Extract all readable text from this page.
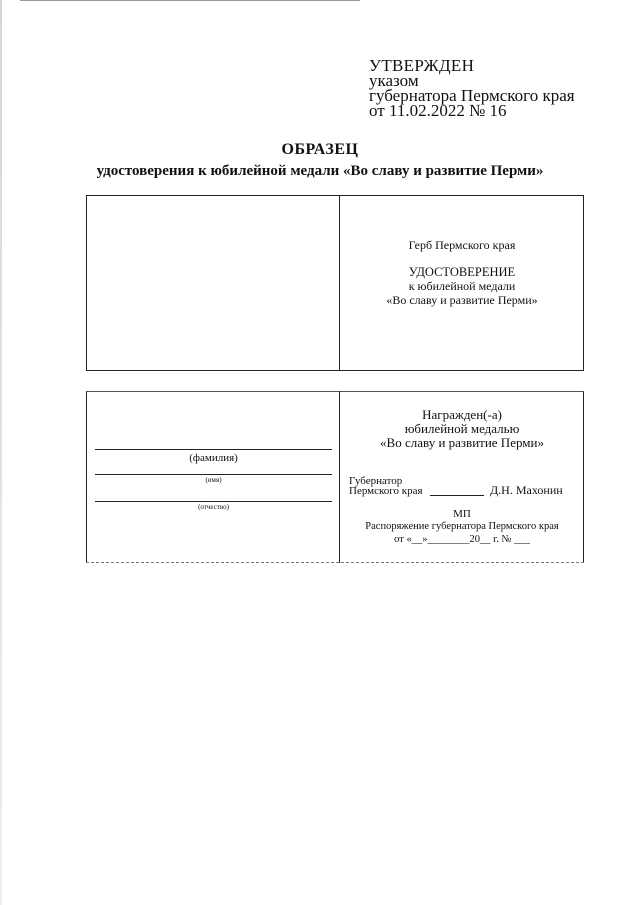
УТВЕРЖДЕН
указом
губернатора Пермского края
от 11.02.2022 № 16
ОБРАЗЕЦ
удостоверения к юбилейной медали «Во славу и развитие Перми»
Герб Пермского края
УДОСТОВЕРЕНИЕ
к юбилейной медали
«Во славу и развитие Перми»
(фамилия)
(имя)
(отчество)
Награжден(-а)
юбилейной медалью
«Во славу и развитие Перми»
Губернатор
Пермского края	Д.Н. Махонин
МП
Распоряжение губернатора Пермского края
от «__»________20__ г. № ___
